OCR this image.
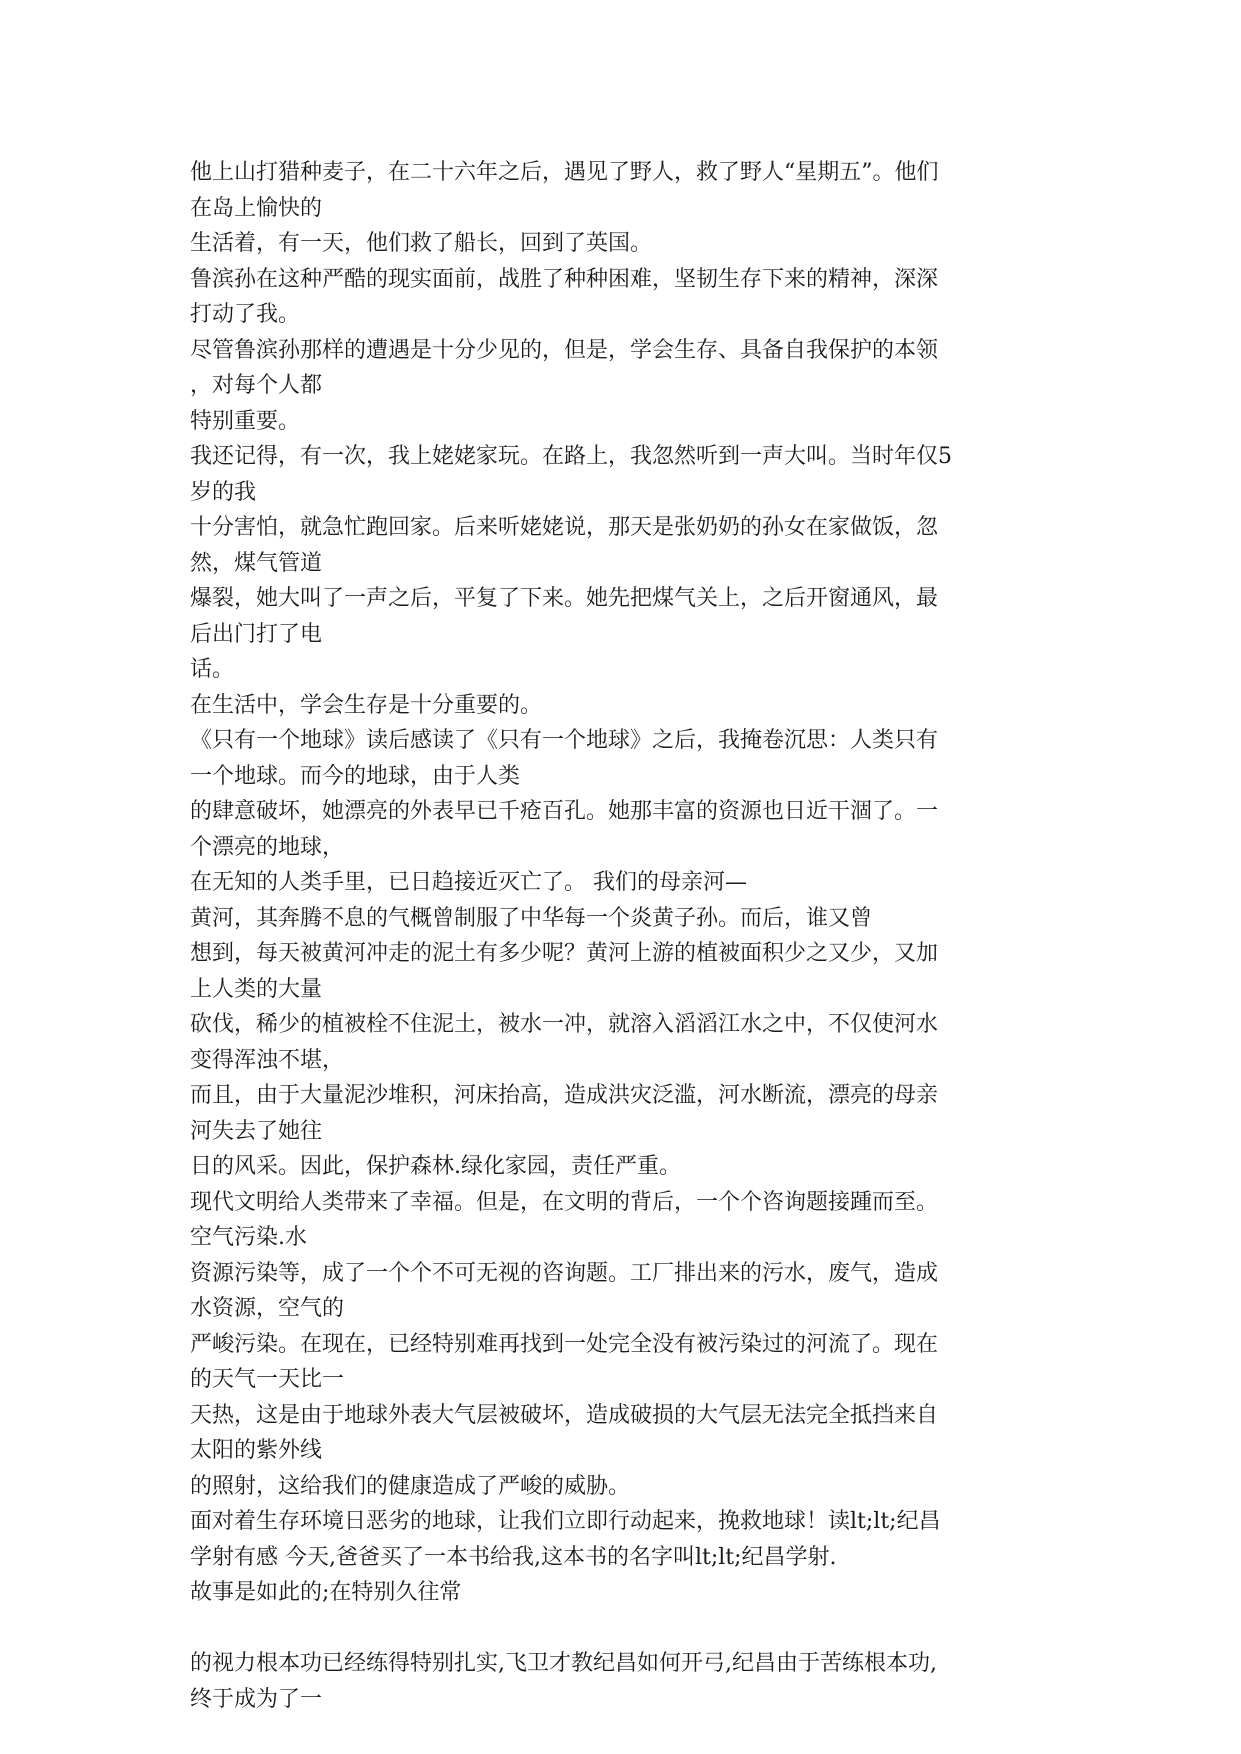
他上山打猎种麦子，在二十六年之后，遇见了野人，救了野人“星期五”。他们
在岛上愉快的
生活着，有一天，他们救了船长，回到了英国。
鲁滨孙在这种严酷的现实面前，战胜了种种困难，坚韧生存下来的精神，深深
打动了我。
尽管鲁滨孙那样的遭遇是十分少见的，但是，学会生存、具备自我保护的本领
，对每个人都
特别重要。
我还记得，有一次，我上姥姥家玩。在路上，我忽然听到一声大叫。当时年仅5
岁的我
十分害怕，就急忙跑回家。后来听姥姥说，那天是张奶奶的孙女在家做饭，忽
然，煤气管道
爆裂，她大叫了一声之后，平复了下来。她先把煤气关上，之后开窗通风，最
后出门打了电
话。
在生活中，学会生存是十分重要的。
《只有一个地球》读后感读了《只有一个地球》之后，我掩卷沉思：人类只有
一个地球。而今的地球，由于人类
的肆意破坏，她漂亮的外表早已千疮百孔。她那丰富的资源也日近干涸了。一
个漂亮的地球，
在无知的人类手里，已日趋接近灭亡了。 我们的母亲河—
黄河，其奔腾不息的气概曾制服了中华每一个炎黄子孙。而后，谁又曾
想到，每天被黄河冲走的泥土有多少呢？黄河上游的植被面积少之又少，又加
上人类的大量
砍伐，稀少的植被栓不住泥土，被水一冲，就溶入滔滔江水之中，不仅使河水
变得浑浊不堪，
而且，由于大量泥沙堆积，河床抬高，造成洪灾泛滥，河水断流，漂亮的母亲
河失去了她往
日的风采。因此，保护森林.绿化家园，责任严重。
现代文明给人类带来了幸福。但是，在文明的背后，一个个咨询题接踵而至。
空气污染.水
资源污染等，成了一个个不可无视的咨询题。工厂排出来的污水，废气，造成
水资源，空气的
严峻污染。在现在，已经特别难再找到一处完全没有被污染过的河流了。现在
的天气一天比一
天热，这是由于地球外表大气层被破坏，造成破损的大气层无法完全抵挡来自
太阳的紫外线
的照射，这给我们的健康造成了严峻的威胁。
面对着生存环境日恶劣的地球，让我们立即行动起来，挽救地球！读lt;lt;纪昌
学射有感 今天,爸爸买了一本书给我,这本书的名字叫lt;lt;纪昌学射.
故事是如此的;在特别久往常
的视力根本功已经练得特别扎实,飞卫才教纪昌如何开弓,纪昌由于苦练根本功,
终于成为了一
